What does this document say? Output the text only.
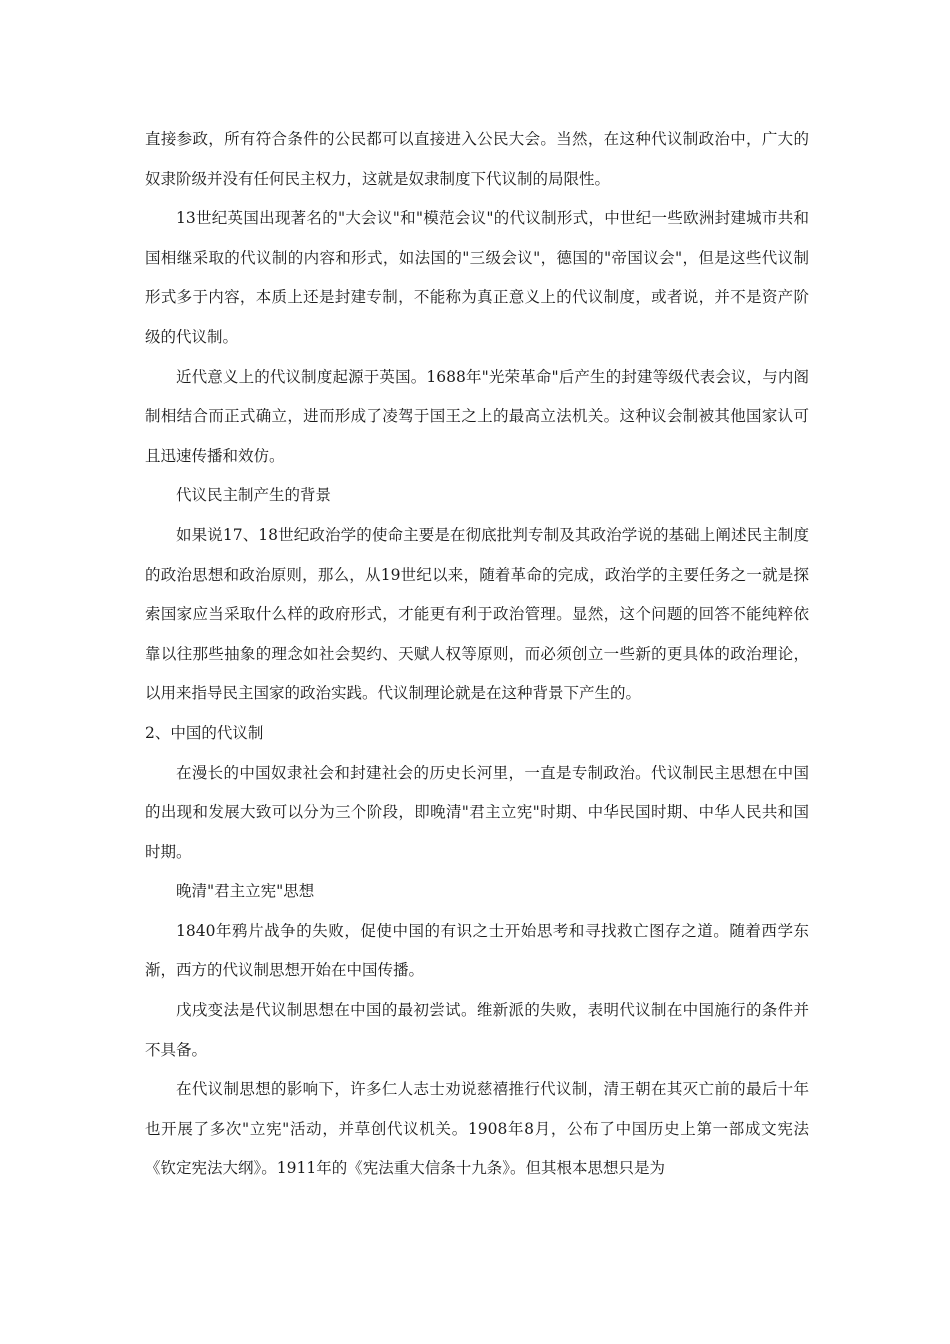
直接参政，所有符合条件的公民都可以直接进入公民大会。当然，在这种代议制政治中，广大的奴隶阶级并没有任何民主权力，这就是奴隶制度下代议制的局限性。

13世纪英国出现著名的"大会议"和"模范会议"的代议制形式，中世纪一些欧洲封建城市共和国相继采取的代议制的内容和形式，如法国的"三级会议"，德国的"帝国议会"，但是这些代议制形式多于内容，本质上还是封建专制，不能称为真正意义上的代议制度，或者说，并不是资产阶级的代议制。

近代意义上的代议制度起源于英国。1688年"光荣革命"后产生的封建等级代表会议，与内阁制相结合而正式确立，进而形成了凌驾于国王之上的最高立法机关。这种议会制被其他国家认可且迅速传播和效仿。

代议民主制产生的背景

如果说17、18世纪政治学的使命主要是在彻底批判专制及其政治学说的基础上阐述民主制度的政治思想和政治原则，那么，从19世纪以来，随着革命的完成，政治学的主要任务之一就是探索国家应当采取什么样的政府形式，才能更有利于政治管理。显然，这个问题的回答不能纯粹依靠以往那些抽象的理念如社会契约、天赋人权等原则，而必须创立一些新的更具体的政治理论，以用来指导民主国家的政治实践。代议制理论就是在这种背景下产生的。

2、中国的代议制

在漫长的中国奴隶社会和封建社会的历史长河里，一直是专制政治。代议制民主思想在中国的出现和发展大致可以分为三个阶段，即晚清"君主立宪"时期、中华民国时期、中华人民共和国时期。

晚清"君主立宪"思想

1840年鸦片战争的失败，促使中国的有识之士开始思考和寻找救亡图存之道。随着西学东渐，西方的代议制思想开始在中国传播。

戊戌变法是代议制思想在中国的最初尝试。维新派的失败，表明代议制在中国施行的条件并不具备。

在代议制思想的影响下，许多仁人志士劝说慈禧推行代议制，清王朝在其灭亡前的最后十年也开展了多次"立宪"活动，并草创代议机关。1908年8月，公布了中国历史上第一部成文宪法《钦定宪法大纲》。1911年的《宪法重大信条十九条》。但其根本思想只是为
